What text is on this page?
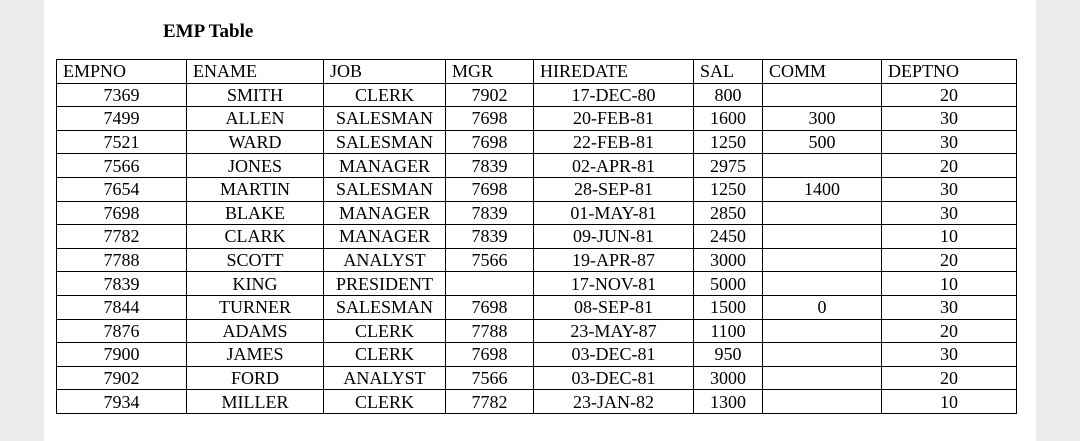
EMP Table
EMPNO	ENAME	JOB	MGR	HIREDATE	SAL	COMM	DEPTNO
7369	SMITH	CLERK	7902	17-DEC-80	800		20
7499	ALLEN	SALESMAN	7698	20-FEB-81	1600	300	30
7521	WARD	SALESMAN	7698	22-FEB-81	1250	500	30
7566	JONES	MANAGER	7839	02-APR-81	2975		20
7654	MARTIN	SALESMAN	7698	28-SEP-81	1250	1400	30
7698	BLAKE	MANAGER	7839	01-MAY-81	2850		30
7782	CLARK	MANAGER	7839	09-JUN-81	2450		10
7788	SCOTT	ANALYST	7566	19-APR-87	3000		20
7839	KING	PRESIDENT		17-NOV-81	5000		10
7844	TURNER	SALESMAN	7698	08-SEP-81	1500	0	30
7876	ADAMS	CLERK	7788	23-MAY-87	1100		20
7900	JAMES	CLERK	7698	03-DEC-81	950		30
7902	FORD	ANALYST	7566	03-DEC-81	3000		20
7934	MILLER	CLERK	7782	23-JAN-82	1300		10
